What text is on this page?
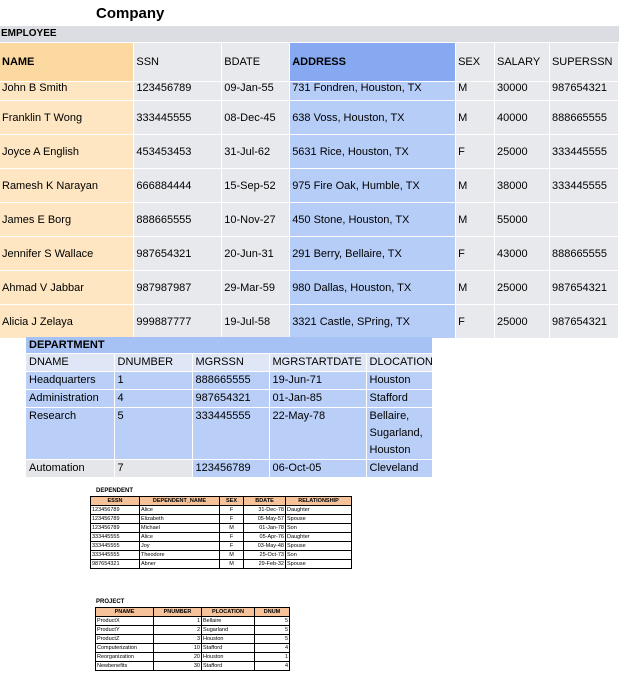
Company
EMPLOYEE
NAME	SSN	BDATE	ADDRESS	SEX	SALARY	SUPERSSN
John B Smith	123456789	09-Jan-55	731 Fondren, Houston, TX	M	30000	987654321
Franklin T Wong	333445555	08-Dec-45	638 Voss, Houston, TX	M	40000	888665555
Joyce A English	453453453	31-Jul-62	5631 Rice, Houston, TX	F	25000	333445555
Ramesh K Narayan	666884444	15-Sep-52	975 Fire Oak, Humble, TX	M	38000	333445555
James E Borg	888665555	10-Nov-27	450 Stone, Houston, TX	M	55000	
Jennifer S Wallace	987654321	20-Jun-31	291 Berry, Bellaire, TX	F	43000	888665555
Ahmad V Jabbar	987987987	29-Mar-59	980 Dallas, Houston, TX	M	25000	987654321
Alicia J Zelaya	999887777	19-Jul-58	3321 Castle, SPring, TX	F	25000	987654321
DEPARTMENT
DNAME	DNUMBER	MGRSSN	MGRSTARTDATE	DLOCATION
Headquarters	1	888665555	19-Jun-71	Houston
Administration	4	987654321	01-Jan-85	Stafford
Research	5	333445555	22-May-78	Bellaire, Sugarland, Houston
Automation	7	123456789	06-Oct-05	Cleveland
DEPENDENT
ESSN	DEPENDENT_NAME	SEX	BDATE	RELATIONSHIP
123456789	Alice	F	31-Dec-78	Daughter
123456789	Elizabeth	F	05-May-57	Spouse
123456789	Michael	M	01-Jan-78	Son
333445555	Alice	F	05-Apr-76	Daughter
333445555	Joy	F	03-May-48	Spouse
333445555	Theodore	M	25-Oct-73	Son
987654321	Abner	M	29-Feb-32	Spouse
PROJECT
PNAME	PNUMBER	PLOCATION	DNUM
ProductX	1	Bellaire	5
ProductY	2	Sugarland	5
ProductZ	3	Houston	5
Computerization	10	Stafford	4
Reorganization	20	Houston	1
Newbenefits	30	Stafford	4
